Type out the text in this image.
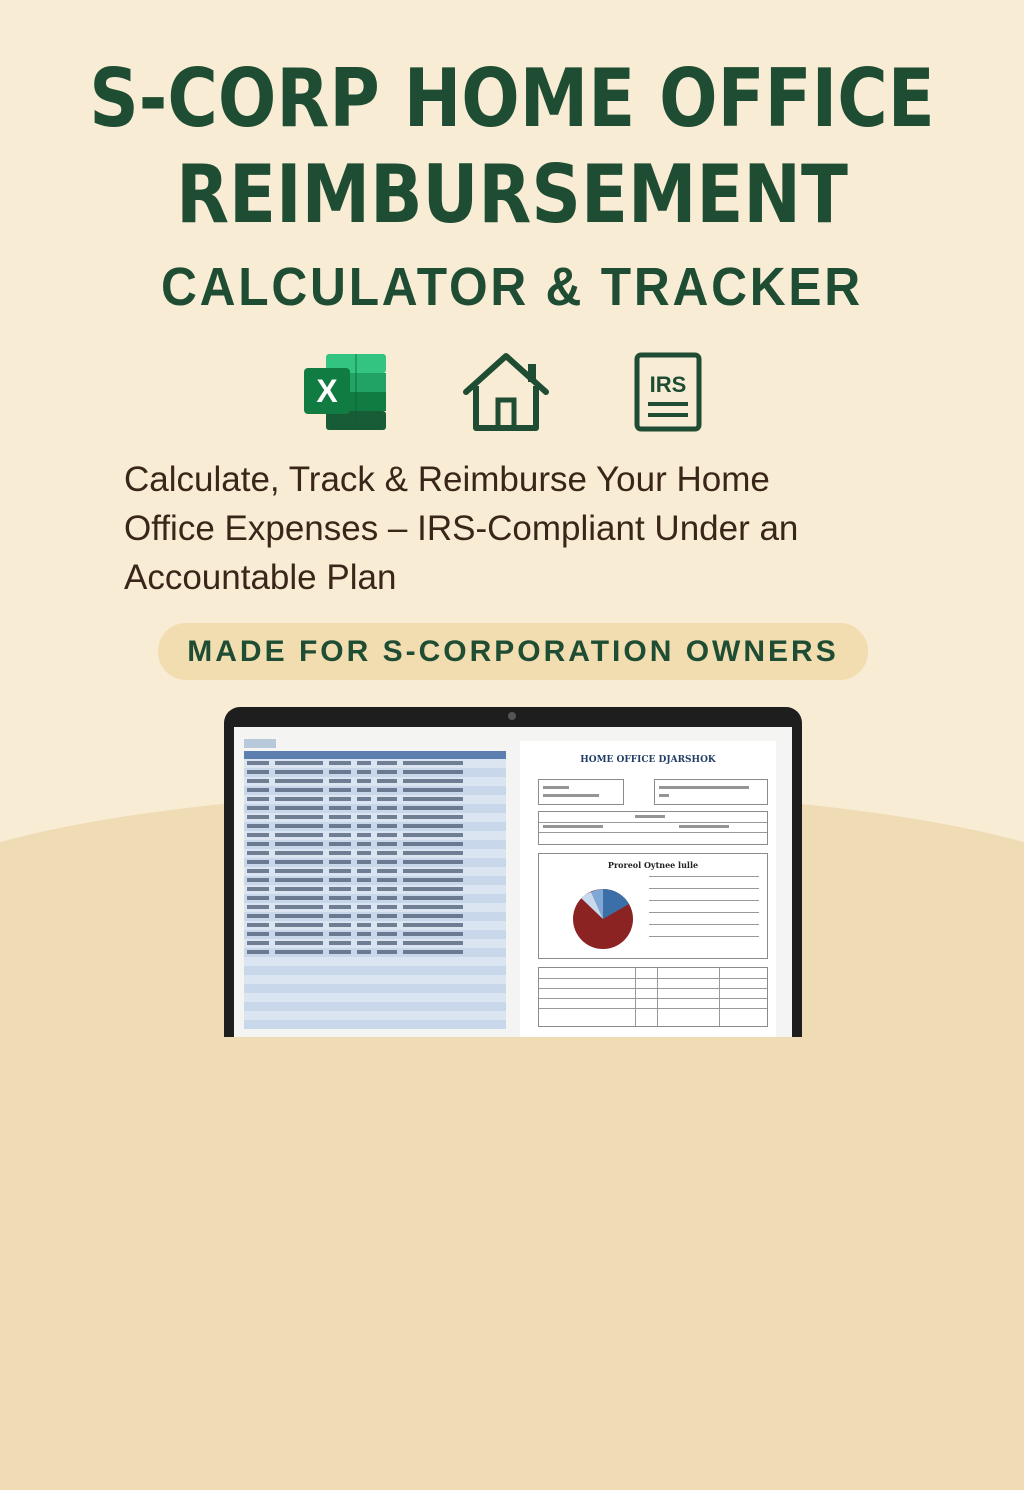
S-CORP HOME OFFICE
REIMBURSEMENT
CALCULATOR & TRACKER
X	IRS
Calculate, Track & Reimburse Your Home
Office Expenses – IRS-Compliant Under an
Accountable Plan
MADE FOR S-CORPORATION OWNERS
HOME OFFICE DJARSHOK
Proreol Oytnee lulle
